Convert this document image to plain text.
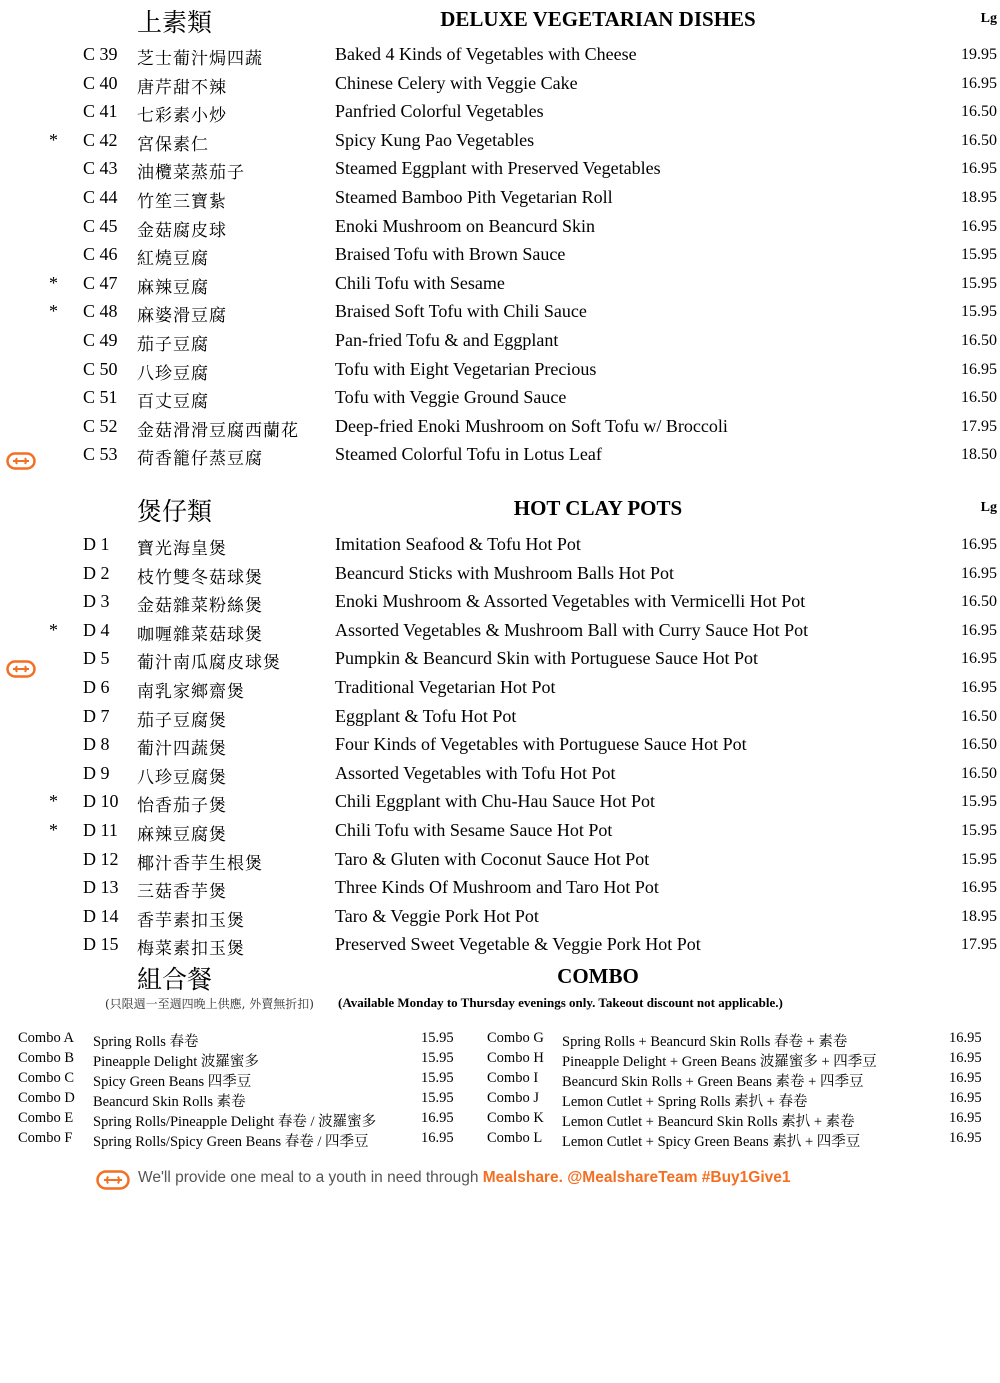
上素類	DELUXE VEGETARIAN DISHES	Lg
C 39 芝士葡汁焗四蔬	Baked 4 Kinds of Vegetables with Cheese	19.95
C 40 唐芹甜不辣	Chinese Celery with Veggie Cake	16.95
C 41 七彩素小炒	Panfried Colorful Vegetables	16.50
* C 42 宮保素仁	Spicy Kung Pao Vegetables	16.50
C 43 油欖菜蒸茄子	Steamed Eggplant with Preserved Vegetables	16.95
C 44 竹笙三寶紥	Steamed Bamboo Pith Vegetarian Roll	18.95
C 45 金菇腐皮球	Enoki Mushroom on Beancurd Skin	16.95
C 46 紅燒豆腐	Braised Tofu with Brown Sauce	15.95
* C 47 麻辣豆腐	Chili Tofu with Sesame	15.95
* C 48 麻婆滑豆腐	Braised Soft Tofu with Chili Sauce	15.95
C 49 茄子豆腐	Pan-fried Tofu & and Eggplant	16.50
C 50 八珍豆腐	Tofu with Eight Vegetarian Precious	16.95
C 51 百丈豆腐	Tofu with Veggie Ground Sauce	16.50
C 52 金菇滑滑豆腐西蘭花 Deep-fried Enoki Mushroom on Soft Tofu w/ Broccoli	17.95
C 53 荷香籠仔蒸豆腐	Steamed Colorful Tofu in Lotus Leaf	18.50
煲仔類	HOT CLAY POTS	Lg
D 1 寶光海皇煲	Imitation Seafood & Tofu Hot Pot	16.95
D 2 枝竹雙冬菇球煲	Beancurd Sticks with Mushroom Balls Hot Pot	16.95
D 3 金菇雜菜粉絲煲	Enoki Mushroom & Assorted Vegetables with Vermicelli Hot Pot	16.50
* D 4 咖喱雜菜菇球煲	Assorted Vegetables & Mushroom Ball with Curry Sauce Hot Pot	16.95
D 5 葡汁南瓜腐皮球煲	Pumpkin & Beancurd Skin with Portuguese Sauce Hot Pot	16.95
D 6 南乳家鄉齋煲	Traditional Vegetarian Hot Pot	16.95
D 7 茄子豆腐煲	Eggplant & Tofu Hot Pot	16.50
D 8 葡汁四蔬煲	Four Kinds of Vegetables with Portuguese Sauce Hot Pot	16.50
D 9 八珍豆腐煲	Assorted Vegetables with Tofu Hot Pot	16.50
* D 10 怡香茄子煲	Chili Eggplant with Chu-Hau Sauce Hot Pot	15.95
* D 11 麻辣豆腐煲	Chili Tofu with Sesame Sauce Hot Pot	15.95
D 12 椰汁香芋生根煲	Taro & Gluten with Coconut Sauce Hot Pot	15.95
D 13 三菇香芋煲	Three Kinds Of Mushroom and Taro Hot Pot	16.95
D 14 香芋素扣玉煲	Taro & Veggie Pork Hot Pot	18.95
D 15 梅菜素扣玉煲	Preserved Sweet Vegetable & Veggie Pork Hot Pot	17.95
組合餐	COMBO
(只限週一至週四晚上供應, 外賣無折扣) (Available Monday to Thursday evenings only. Takeout discount not applicable.)
Combo A Spring Rolls 春卷	15.95
Combo B Pineapple Delight 波羅蜜多	15.95
Combo C Spicy Green Beans 四季豆	15.95
Combo D Beancurd Skin Rolls 素卷	15.95
Combo E Spring Rolls/Pineapple Delight 春卷 / 波羅蜜多	16.95
Combo F Spring Rolls/Spicy Green Beans 春卷 / 四季豆	16.95
Combo G Spring Rolls + Beancurd Skin Rolls 春卷 + 素卷	16.95
Combo H Pineapple Delight + Green Beans 波羅蜜多 + 四季豆	16.95
Combo I Beancurd Skin Rolls + Green Beans 素卷 + 四季豆	16.95
Combo J Lemon Cutlet + Spring Rolls 素扒 + 春卷	16.95
Combo K Lemon Cutlet + Beancurd Skin Rolls 素扒 + 素卷	16.95
Combo L Lemon Cutlet + Spicy Green Beans 素扒 + 四季豆	16.95
We'll provide one meal to a youth in need through Mealshare. @MealshareTeam #Buy1Give1
